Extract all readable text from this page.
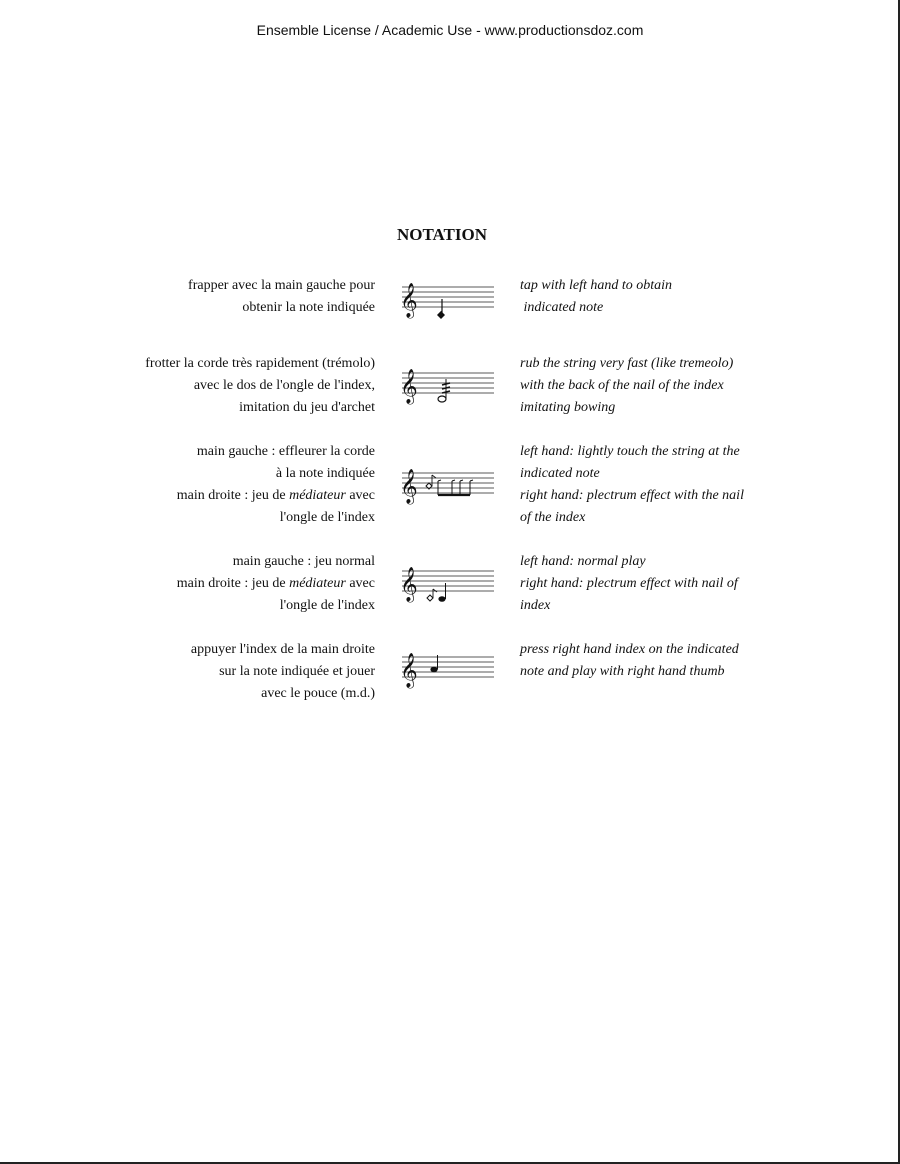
Ensemble License / Academic Use - www.productionsdoz.com
NOTATION
frapper avec la main gauche pour
obtenir la note indiquée 𝄞	tap with left hand to obtain
indicated note
frotter la corde très rapidement (trémolo)
avec le dos de l'ongle de l'index,
imitation du jeu d'archet
𝄞
rub the string very fast (like tremeolo)
with the back of the nail of the index
imitating bowing
main gauche : effleurer la corde
à la note indiquée
main droite : jeu de médiateur avec
l'ongle de l'index
𝄞
left hand: lightly touch the string at the
indicated note
right hand: plectrum effect with the nail
of the index
main gauche : jeu normal
main droite : jeu de médiateur avec
l'ongle de l'index
𝄞
left hand: normal play
right hand: plectrum effect with nail of
index
appuyer l'index de la main droite
sur la note indiquée et jouer
avec le pouce (m.d.)
𝄞
press right hand index on the indicated
note and play with right hand thumb
